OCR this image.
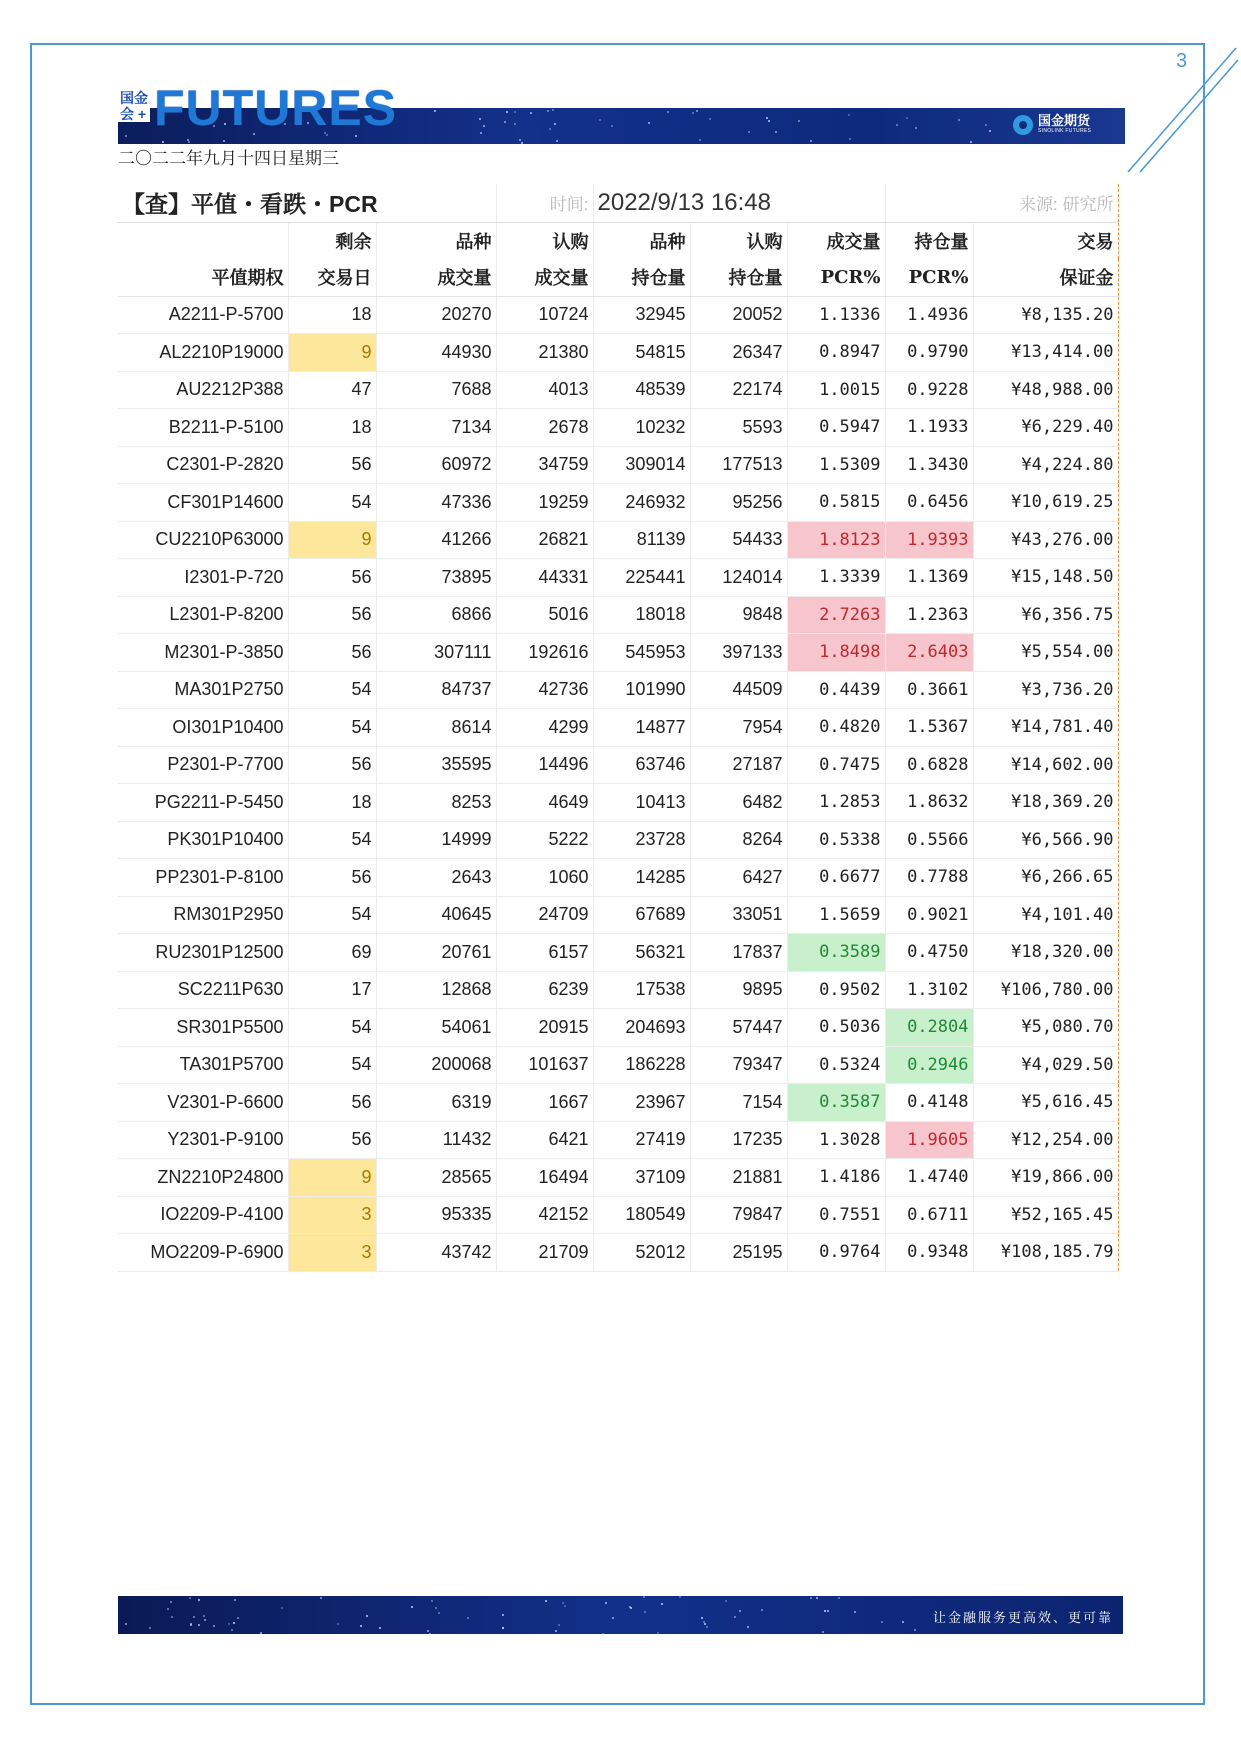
3
国金
会 + FUTURES	国金期货
SINOLINK FUTURES
二〇二二年九月十四日星期三
【查】平值・看跌・PCR			时间:	2022/9/13 16:48			来源: 研究所	
	剩余	品种	认购	品种	认购	成交量	持仓量	交易
平值期权	交易日	成交量	成交量	持仓量	持仓量	PCR%	PCR%	保证金
A2211-P-5700	18	20270	10724	32945	20052	1.1336	1.4936	¥8,135.20
AL2210P19000	9	44930	21380	54815	26347	0.8947	0.9790	¥13,414.00
AU2212P388	47	7688	4013	48539	22174	1.0015	0.9228	¥48,988.00
B2211-P-5100	18	7134	2678	10232	5593	0.5947	1.1933	¥6,229.40
C2301-P-2820	56	60972	34759	309014	177513	1.5309	1.3430	¥4,224.80
CF301P14600	54	47336	19259	246932	95256	0.5815	0.6456	¥10,619.25
CU2210P63000	9	41266	26821	81139	54433	1.8123	1.9393	¥43,276.00
I2301-P-720	56	73895	44331	225441	124014	1.3339	1.1369	¥15,148.50
L2301-P-8200	56	6866	5016	18018	9848	2.7263	1.2363	¥6,356.75
M2301-P-3850	56	307111	192616	545953	397133	1.8498	2.6403	¥5,554.00
MA301P2750	54	84737	42736	101990	44509	0.4439	0.3661	¥3,736.20
OI301P10400	54	8614	4299	14877	7954	0.4820	1.5367	¥14,781.40
P2301-P-7700	56	35595	14496	63746	27187	0.7475	0.6828	¥14,602.00
PG2211-P-5450	18	8253	4649	10413	6482	1.2853	1.8632	¥18,369.20
PK301P10400	54	14999	5222	23728	8264	0.5338	0.5566	¥6,566.90
PP2301-P-8100	56	2643	1060	14285	6427	0.6677	0.7788	¥6,266.65
RM301P2950	54	40645	24709	67689	33051	1.5659	0.9021	¥4,101.40
RU2301P12500	69	20761	6157	56321	17837	0.3589	0.4750	¥18,320.00
SC2211P630	17	12868	6239	17538	9895	0.9502	1.3102	¥106,780.00
SR301P5500	54	54061	20915	204693	57447	0.5036	0.2804	¥5,080.70
TA301P5700	54	200068	101637	186228	79347	0.5324	0.2946	¥4,029.50
V2301-P-6600	56	6319	1667	23967	7154	0.3587	0.4148	¥5,616.45
Y2301-P-9100	56	11432	6421	27419	17235	1.3028	1.9605	¥12,254.00
ZN2210P24800	9	28565	16494	37109	21881	1.4186	1.4740	¥19,866.00
IO2209-P-4100	3	95335	42152	180549	79847	0.7551	0.6711	¥52,165.45
MO2209-P-6900	3	43742	21709	52012	25195	0.9764	0.9348	¥108,185.79
让金融服务更高效、更可靠
